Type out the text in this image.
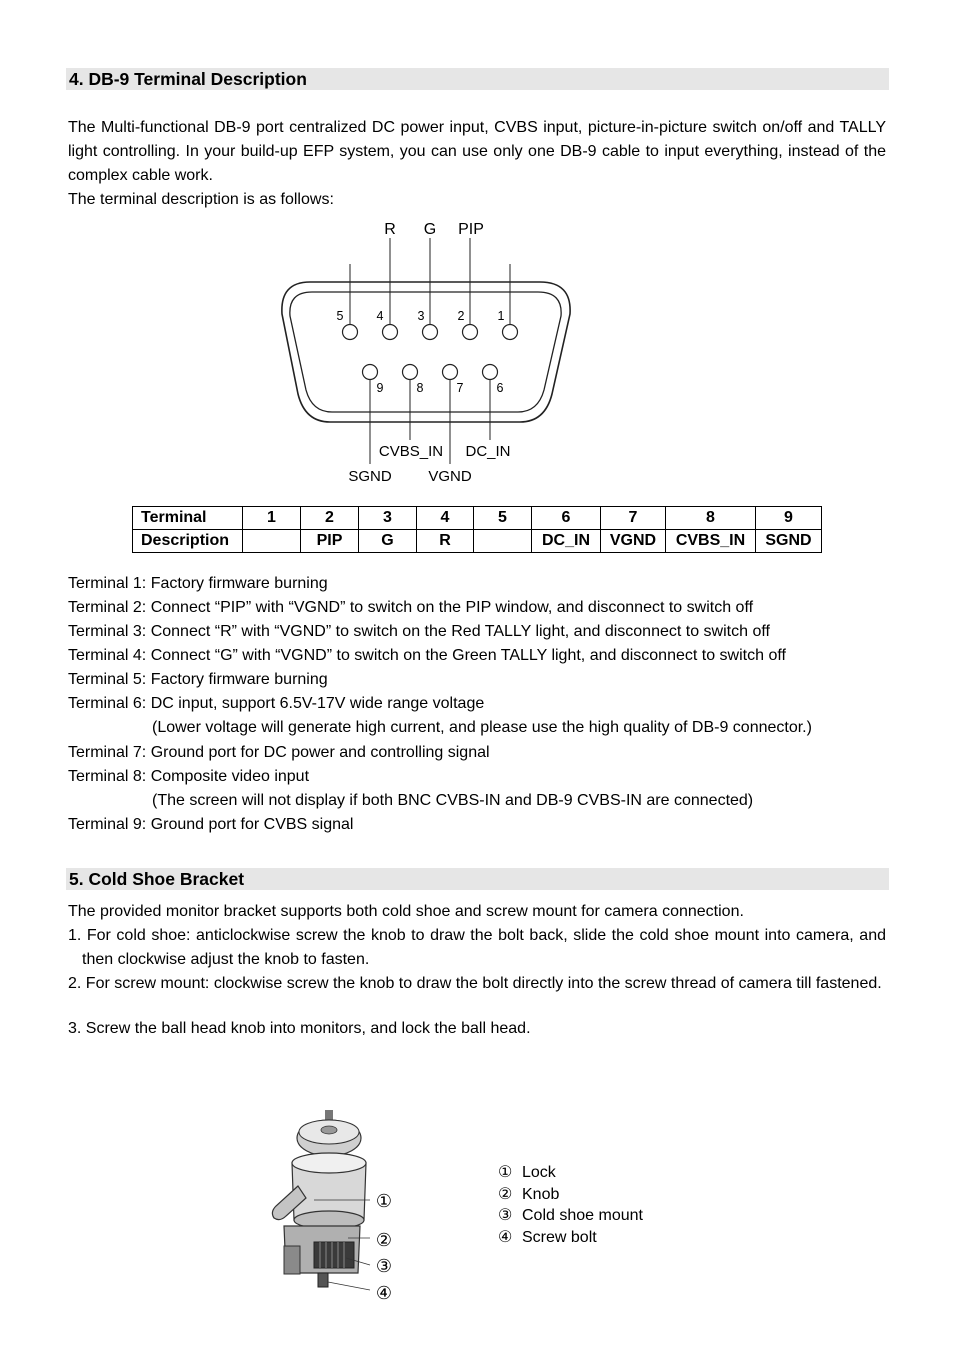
4. DB-9 Terminal Description

The Multi-functional DB-9 port centralized DC power input, CVBS input, picture-in-picture switch on/off and TALLY light controlling. In your build-up EFP system, you can use only one DB-9 cable to input everything, instead of the complex cable work.

The terminal description is as follows:

R G PIP
5	4	3	2	1
9	8	7	6
CVBS_IN DC_IN
SGND VGND
Terminal	1	2	3	4	5	6	7	8	9
Description		PIP	G	R		DC_IN	VGND	CVBS_IN	SGND

Terminal 1: Factory firmware burning

Terminal 2: Connect “PIP” with “VGND” to switch on the PIP window, and disconnect to switch off

Terminal 3: Connect “R” with “VGND” to switch on the Red TALLY light, and disconnect to switch off

Terminal 4: Connect “G” with “VGND” to switch on the Green TALLY light, and disconnect to switch off

Terminal 5: Factory firmware burning

Terminal 6: DC input, support 6.5V-17V wide range voltage

(Lower voltage will generate high current, and please use the high quality of DB-9 connector.)

Terminal 7: Ground port for DC power and controlling signal

Terminal 8: Composite video input

(The screen will not display if both BNC CVBS-IN and DB-9 CVBS-IN are connected)

Terminal 9: Ground port for CVBS signal

5. Cold Shoe Bracket

The provided monitor bracket supports both cold shoe and screw mount for camera connection.

1. For cold shoe: anticlockwise screw the knob to draw the bolt back, slide the cold shoe mount into camera, and then clockwise adjust the knob to fasten.

2. For screw mount: clockwise screw the knob to draw the bolt directly into the screw thread of camera till fastened.

3. Screw the ball head knob into monitors, and lock the ball head.

①
②
③
④
① Lock
② Knob
③ Cold shoe mount
④ Screw bolt
